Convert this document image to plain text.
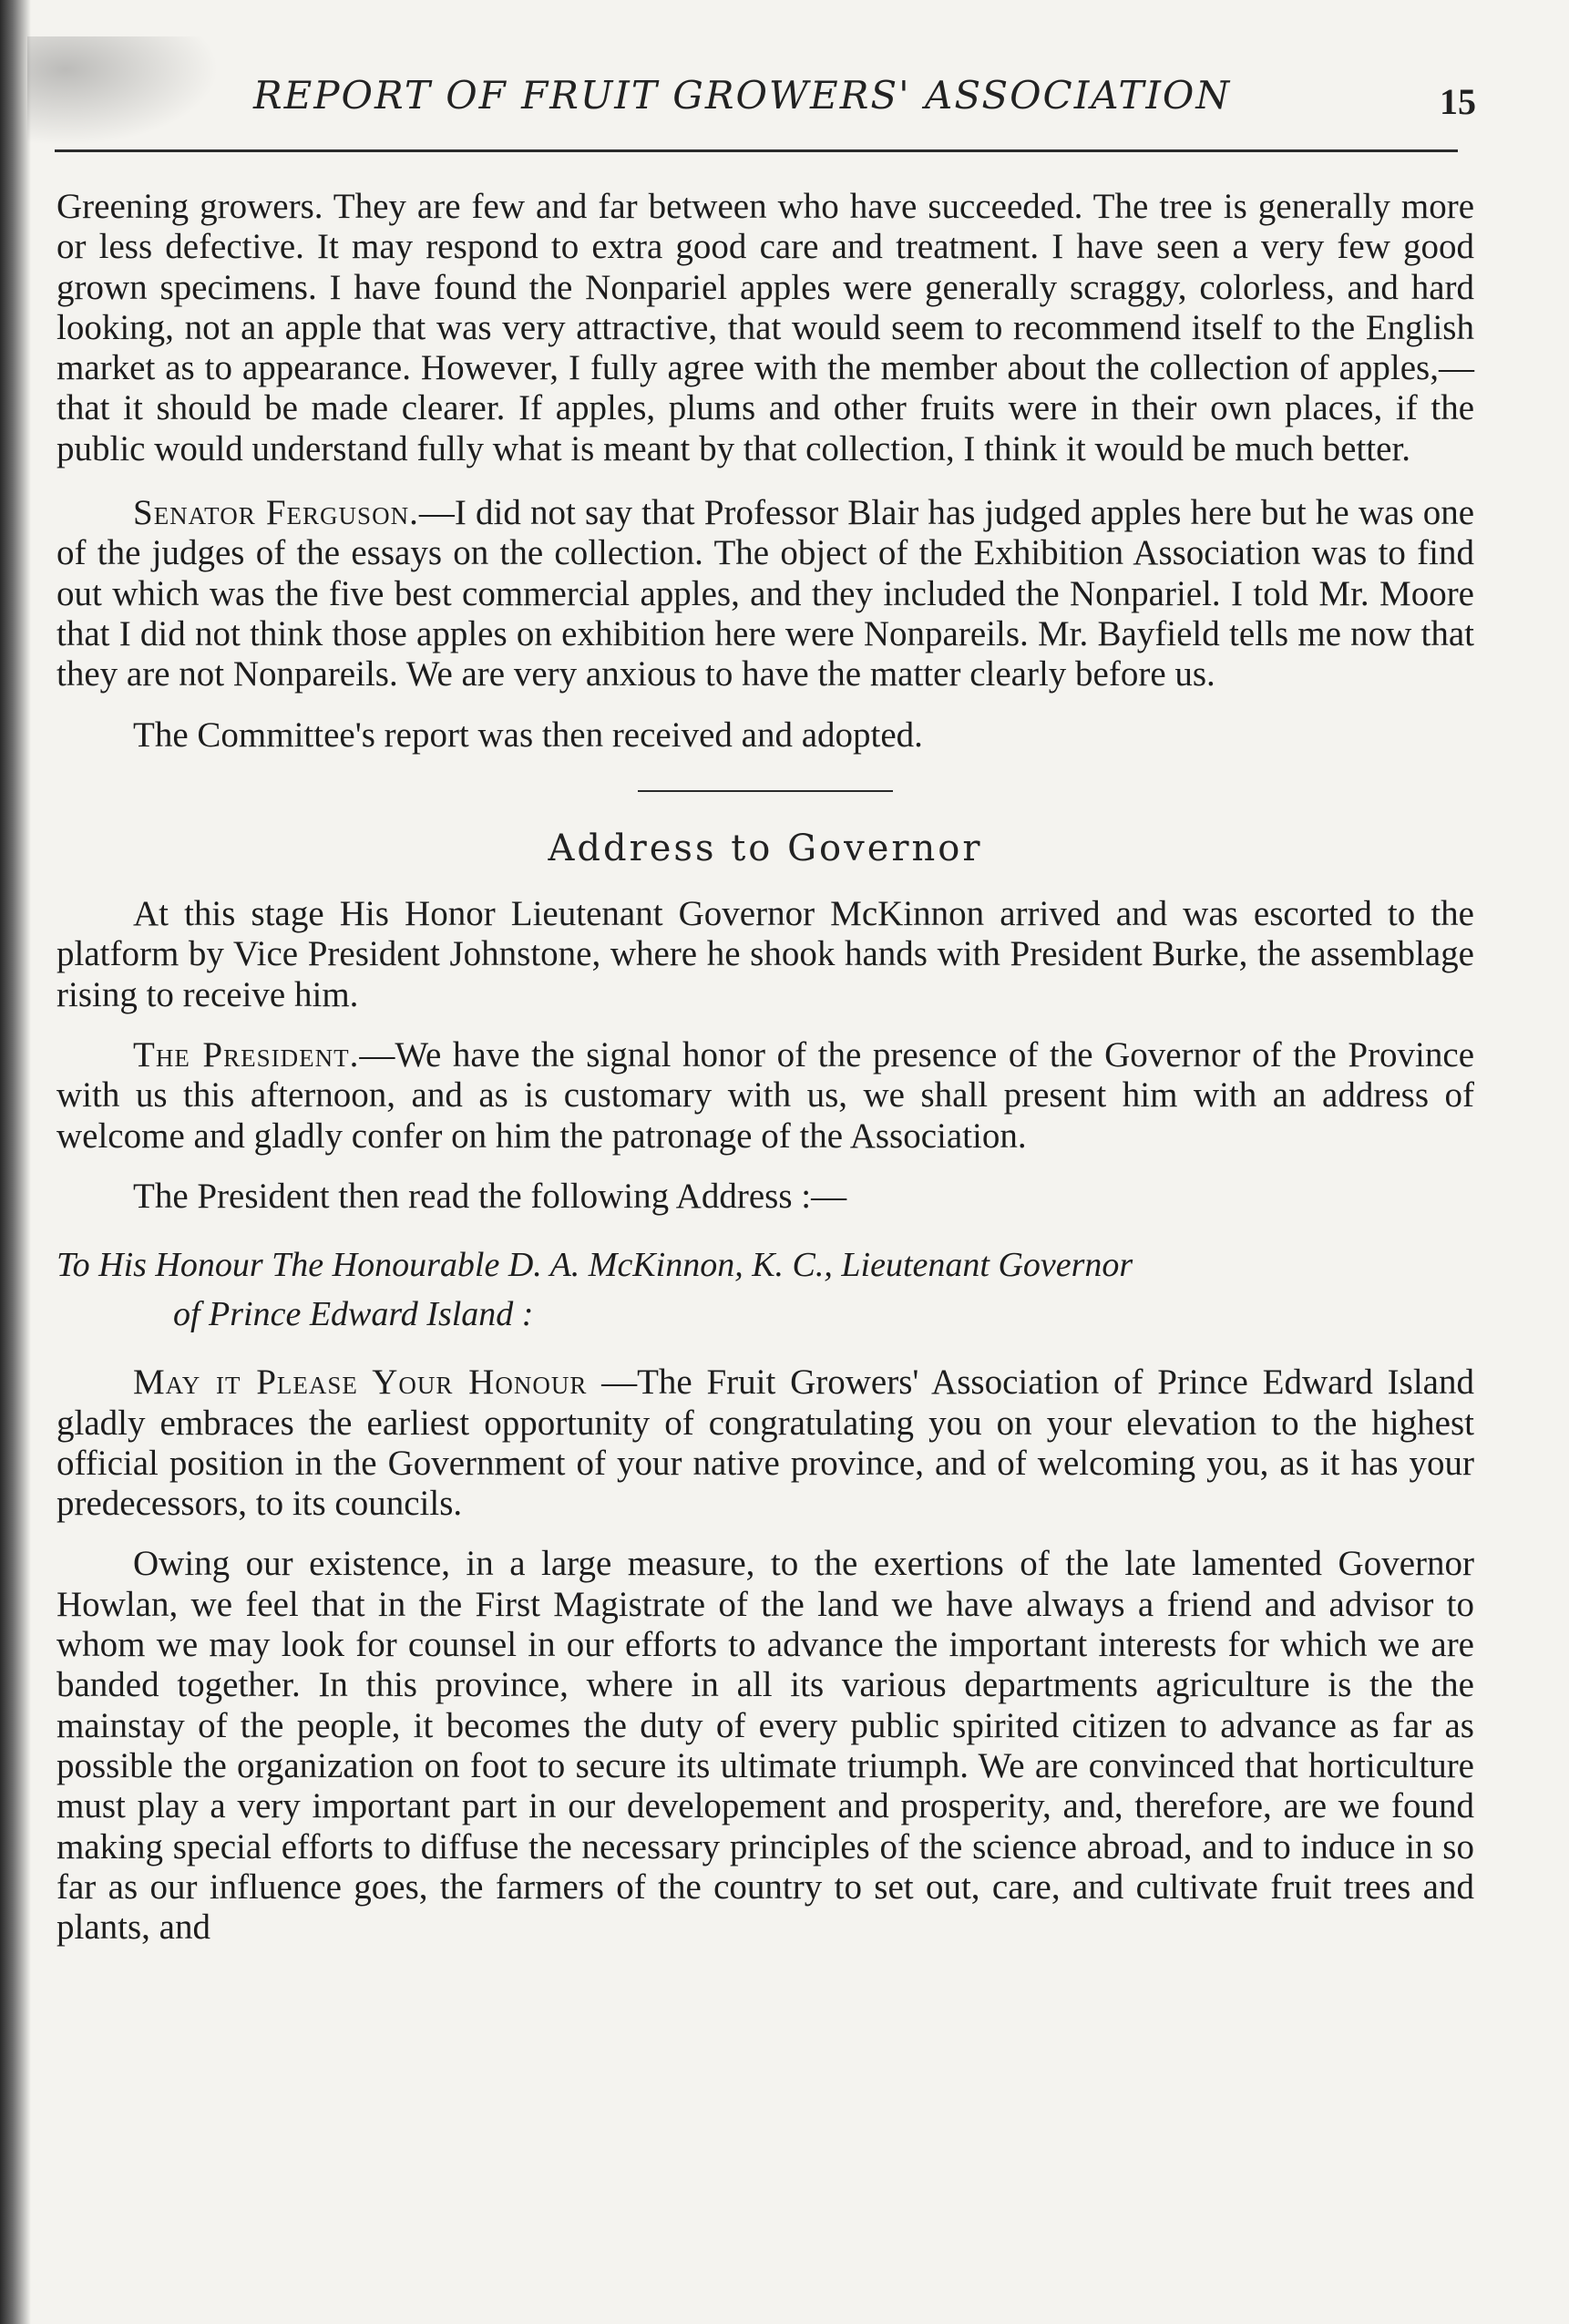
REPORT OF FRUIT GROWERS' ASSOCIATION	15

Greening growers. They are few and far between who have succeeded. The tree is generally more or less defective. It may respond to extra good care and treatment. I have seen a very few good grown specimens. I have found the Nonpariel apples were generally scraggy, colorless, and hard looking, not an apple that was very attractive, that would seem to recommend itself to the English market as to appearance. However, I fully agree with the member about the collection of apples,—that it should be made clearer. If apples, plums and other fruits were in their own places, if the public would understand fully what is meant by that collection, I think it would be much better.

Senator Ferguson.—I did not say that Professor Blair has judged apples here but he was one of the judges of the essays on the collection. The object of the Exhibition Association was to find out which was the five best commercial apples, and they included the Nonpariel. I told Mr. Moore that I did not think those apples on exhibition here were Nonpareils. Mr. Bayfield tells me now that they are not Nonpareils. We are very anxious to have the matter clearly before us.

The Committee's report was then received and adopted.

Address to Governor

At this stage His Honor Lieutenant Governor McKinnon arrived and was escorted to the platform by Vice President Johnstone, where he shook hands with President Burke, the assemblage rising to receive him.

The President.—We have the signal honor of the presence of the Governor of the Province with us this afternoon, and as is customary with us, we shall present him with an address of welcome and gladly confer on him the patronage of the Association.

The President then read the following Address :—

To His Honour The Honourable D. A. McKinnon, K. C., Lieutenant Governor
of Prince Edward Island :

May it Please Your Honour —The Fruit Growers' Association of Prince Edward Island gladly embraces the earliest opportunity of congratulating you on your elevation to the highest official position in the Government of your native province, and of welcoming you, as it has your predecessors, to its councils.

Owing our existence, in a large measure, to the exertions of the late lamented Governor Howlan, we feel that in the First Magistrate of the land we have always a friend and advisor to whom we may look for counsel in our efforts to advance the important interests for which we are banded together. In this province, where in all its various departments agriculture is the the mainstay of the people, it becomes the duty of every public spirited citizen to advance as far as possible the organization on foot to secure its ultimate triumph. We are convinced that horticulture must play a very important part in our developement and prosperity, and, therefore, are we found making special efforts to diffuse the necessary principles of the science abroad, and to induce in so far as our influence goes, the farmers of the country to set out, care, and cultivate fruit trees and plants, and
